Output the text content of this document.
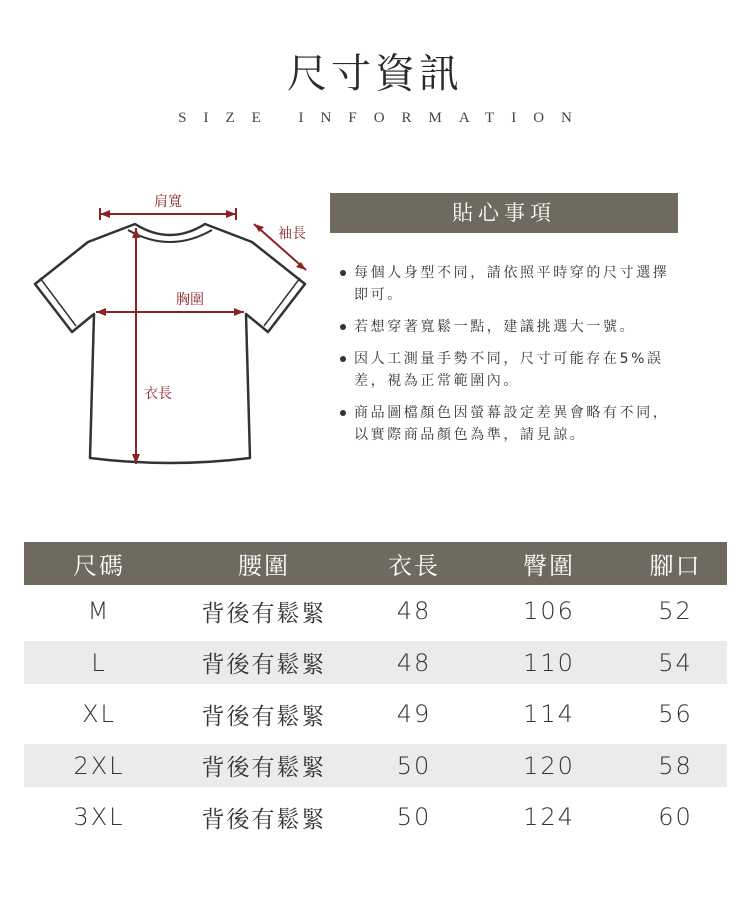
尺寸資訊
SIZE INFORMATION
肩寬
袖長
胸圍
衣長
貼心事項
每個人身型不同，請依照平時穿的尺寸選擇即可。
若想穿著寬鬆一點，建議挑選大一號。
因人工測量手勢不同，尺寸可能存在5%誤差，視為正常範圍內。
商品圖檔顏色因螢幕設定差異會略有不同，以實際商品顏色為準，請見諒。
尺碼	腰圍	衣長	臀圍	腳口
M	背後有鬆緊	48	106	52
L	背後有鬆緊	48	110	54
XL	背後有鬆緊	49	114	56
2XL	背後有鬆緊	50	120	58
3XL	背後有鬆緊	50	124	60
